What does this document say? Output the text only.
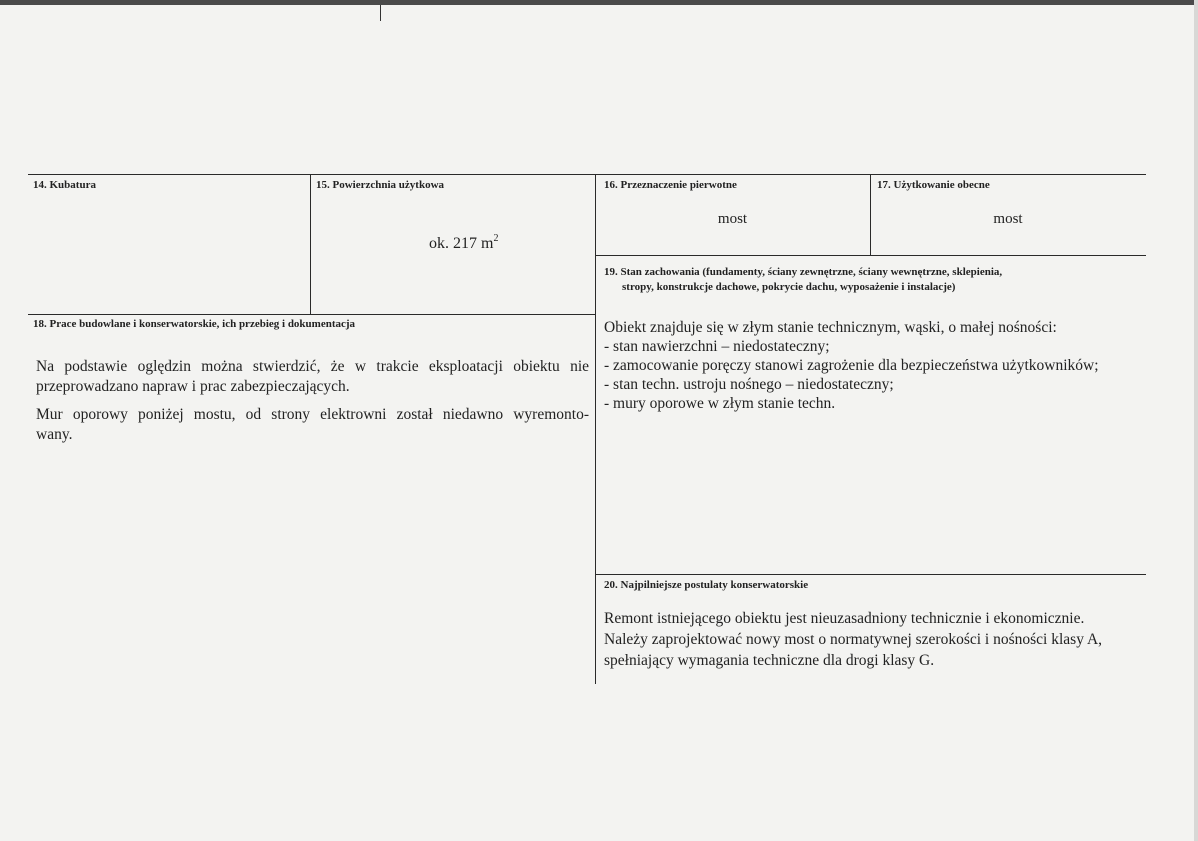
14. Kubatura	15. Powierzchnia użytkowa
ok. 217 $m^2$
16. Przeznaczenie pierwotne
most
17. Użytkowanie obecne
most
18. Prace budowlane i konserwatorskie, ich przebieg i dokumentacja
Na podstawie oględzin można stwierdzić, że w trakcie eksploatacji obiektu nie
przeprowadzano napraw i prac zabezpieczających.
Mur oporowy poniżej mostu, od strony elektrowni został niedawno wyremonto-
wany.
19. Stan zachowania (fundamenty, ściany zewnętrzne, ściany wewnętrzne, sklepienia,
stropy, konstrukcje dachowe, pokrycie dachu, wyposażenie i instalacje)
Obiekt znajduje się w złym stanie technicznym, wąski, o małej nośności:
- stan nawierzchni – niedostateczny;
- zamocowanie poręczy stanowi zagrożenie dla bezpieczeństwa użytkowników;
- stan techn. ustroju nośnego – niedostateczny;
- mury oporowe w złym stanie techn.
20. Najpilniejsze postulaty konserwatorskie
Remont istniejącego obiektu jest nieuzasadniony technicznie i ekonomicznie.
Należy zaprojektować nowy most o normatywnej szerokości i nośności klasy A,
spełniający wymagania techniczne dla drogi klasy G.
